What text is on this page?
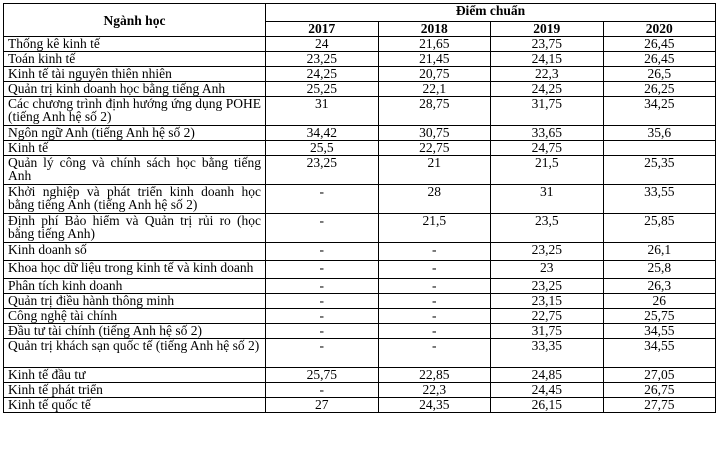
Ngành học	Điểm chuẩn			
	2017	2018	2019	2020
Thống kê kinh tế	24	21,65	23,75	26,45
Toán kinh tế	23,25	21,45	24,15	26,45
Kinh tế tài nguyên thiên nhiên	24,25	20,75	22,3	26,5
Quản trị kinh doanh học bằng tiếng Anh	25,25	22,1	24,25	26,25
Các chương trình định hướng ứng dụng POHE (tiếng Anh hệ số 2)	31	28,75	31,75	34,25
Ngôn ngữ Anh (tiếng Anh hệ số 2)	34,42	30,75	33,65	35,6
Kinh tế	25,5	22,75	24,75	
Quản lý công và chính sách học bằng tiếng Anh	23,25	21	21,5	25,35
Khởi nghiệp và phát triển kinh doanh học bằng tiếng Anh (tiếng Anh hệ số 2)	-	28	31	33,55
Định phí Bảo hiểm và Quản trị rủi ro (học bằng tiếng Anh)	-	21,5	23,5	25,85
Kinh doanh số	-	-	23,25	26,1
Khoa học dữ liệu trong kinh tế và kinh doanh	-	-	23	25,8
Phân tích kinh doanh	-	-	23,25	26,3
Quản trị điều hành thông minh	-	-	23,15	26
Công nghệ tài chính	-	-	22,75	25,75
Đầu tư tài chính (tiếng Anh hệ số 2)	-	-	31,75	34,55
Quản trị khách sạn quốc tế (tiếng Anh hệ số 2)	-	-	33,35	34,55
Kinh tế đầu tư	25,75	22,85	24,85	27,05
Kinh tế phát triển	-	22,3	24,45	26,75
Kinh tế quốc tế	27	24,35	26,15	27,75
